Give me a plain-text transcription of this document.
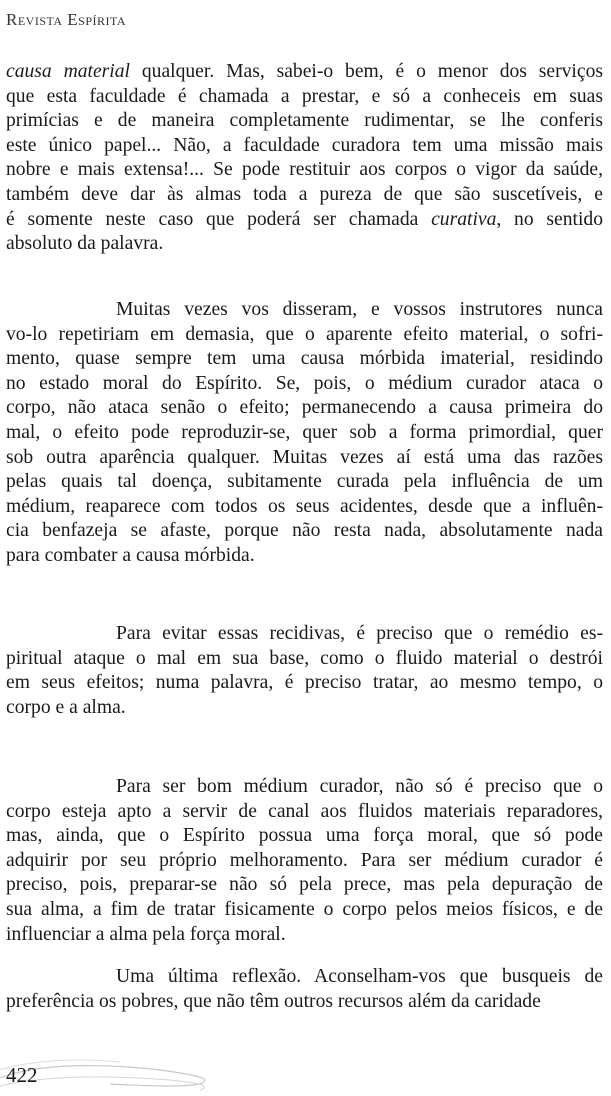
Revista Espírita

causa material qualquer. Mas, sabei-o bem, é o menor dos serviços
que esta faculdade é chamada a prestar, e só a conheceis em suas
primícias e de maneira completamente rudimentar, se lhe conferis
este único papel... Não, a faculdade curadora tem uma missão mais
nobre e mais extensa!... Se pode restituir aos corpos o vigor da saúde,
também deve dar às almas toda a pureza de que são suscetíveis, e
é somente neste caso que poderá ser chamada curativa, no sentido
absoluto da palavra.

Muitas vezes vos disseram, e vossos instrutores nunca
vo-lo repetiriam em demasia, que o aparente efeito material, o sofri-
mento, quase sempre tem uma causa mórbida imaterial, residindo
no estado moral do Espírito. Se, pois, o médium curador ataca o
corpo, não ataca senão o efeito; permanecendo a causa primeira do
mal, o efeito pode reproduzir-se, quer sob a forma primordial, quer
sob outra aparência qualquer. Muitas vezes aí está uma das razões
pelas quais tal doença, subitamente curada pela influência de um
médium, reaparece com todos os seus acidentes, desde que a influên-
cia benfazeja se afaste, porque não resta nada, absolutamente nada
para combater a causa mórbida.

Para evitar essas recidivas, é preciso que o remédio es-
piritual ataque o mal em sua base, como o fluido material o destrói
em seus efeitos; numa palavra, é preciso tratar, ao mesmo tempo, o
corpo e a alma.

Para ser bom médium curador, não só é preciso que o
corpo esteja apto a servir de canal aos fluidos materiais reparadores,
mas, ainda, que o Espírito possua uma força moral, que só pode
adquirir por seu próprio melhoramento. Para ser médium curador é
preciso, pois, preparar-se não só pela prece, mas pela depuração de
sua alma, a fim de tratar fisicamente o corpo pelos meios físicos, e de
influenciar a alma pela força moral.

Uma última reflexão. Aconselham-vos que busqueis de
preferência os pobres, que não têm outros recursos além da caridade

422
